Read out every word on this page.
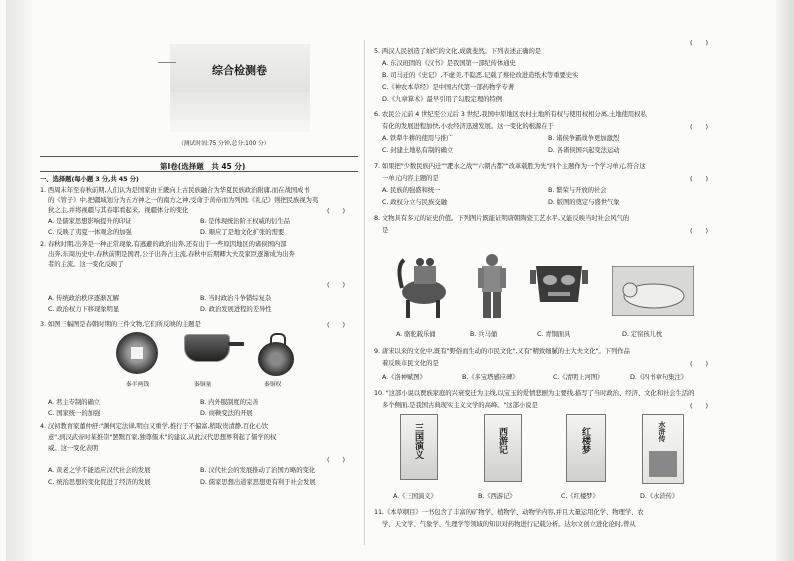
综合检测卷
（测试时间:75 分钟,总分:100 分）
第Ⅰ卷(选择题　共 45 分)
一、选择题(每小题 3 分,共 45 分)
1. 西周末年至春秋前期,人们认为是国家由王畿向上古民族融合为华夏民族政治附庸,而在战国成书
的《管子》中,把疆域划分为五方神之一的南方之神,受命于黄帝而为列国;《礼记》则把民族视为夷
狄之主,并将视疆与其春耶看起来。视疆体分的变化	(　　)
A. 是儒家思想影响提升的印证	B. 是体现统治阶王权威的衍生品
C. 反映了夷夏一体观念的加强	D. 顺应了是地文化扩张的需要
2. 春秋时期,出奔是一种正常现象,有逃避的政治出奔,还有出于一些原因地区的诸侯国内部
出奔,东周历史中,春秋前期是国君,公子出奔占主流,春秋中后期卿大夫及家臣逐渐成为出奔
者的主流。这一变化反映了
(　　)
A. 传统政治秩序逐渐瓦解	B. 当时政治斗争错综复杂
C. 政治权力下移现象明显	D. 政治发展进程的差异性
3. 如图三幅图是春朝时期的三件文物,它们所反映的主题是	(　　)
秦半两钱	秦铜量	秦铜权
A. 君主专制的确立	B. 内外服制度的完善
C. 国家统一的加强	D. 商鞅变法的开展
4. 汉初教育家董仲舒:"渊何定法律,明白又重学,推行于不偏富,稍取贵清静,百化心饮
意",到汉武帝时某推崇"罢黜百家,独尊儒术"的建议,从此汉代思想界利起了儒学的权
威。这一变化表明
(　　)
A. 黄老之学不能适应汉代社会的发展	B. 汉代社会的发展推动了治国方略的变化
C. 统治思想的变化促进了经济的发展	D. 儒家思想出道家思想更有利于社会发展
(　　)
5. 两汉人民创造了灿烂的文化,成就斐然。下列表述正确的是
A. 东汉班固的《汉书》是我国第一部纪传体通史
B. 司马迁的《史记》,不虚美,不隐恶,记载了蔡伦改进造纸术等重要史实
C.《神农本草经》是中国古代第一部药物学专著
D.《九章算术》最早引用了勾股定理的特例
6. 农民公元前 4 世纪至公元后 3 世纪,我国中原地区农村土地所有权与使用权相分离,土地使用权私
有化的发展进程加快,小农经济迅速发展。这一变化的根源在于	(　　)
A. 铁犁牛耕的使用与推广	B. 诸侯争霸战争更加激烈
C. 封建土地私有制的确立	D. 各诸侯国兴起变法运动
7. 如果把"少数民族内迁""淝水之战""六朝古都""改革载胜为先"四个主题作为一个学习单元,符合这
一单元内容主题的是	(　　)
A. 民族的强盛和统一	B. 繁荣与开放的社会
C. 政权分立与民族交融	D. 版图的奠定与盛世气象
8. 文物具有多元的证史价值。下列图片既能证明唐朝陶瓷工艺水平,又能反映当时社会风气的
是	(　　)
A. 骆驼载乐俑	B. 兵马俑	C. 青铜面具	D. 定窑孩儿枕
9. 唐宋以来的文化中,既有"野俗而生动的市民文化",又有"精致细腻的士大夫文化"。下列作品
着反映市民文化的是	(　　)
A.《洛神赋图》	B.《多宝塔感应碑》	C.《清明上河图》	D.《四书章句集注》
10. "这部小说以贾族家庭的兴衰变迁为主线,以宝玉的爱情悲剧为主要线,描写了当时政治、经济、文化和社会生活的
多个侧面,是我国古典现实主义文学的高峰。"这部小说是	(　　)
三国演义	西游记	红楼梦	水浒传
A.《三国演义》	B.《西游记》	C.《红楼梦》	D.《水浒传》
11.《本草纲目》一书包含了丰富的矿物学、植物学、动物学内容,并且大量运用化学、物理学、农
学、天文学、气象学、生理学等领域的知识对药物进行记载分析。达尔文创立进化论时,曾从
